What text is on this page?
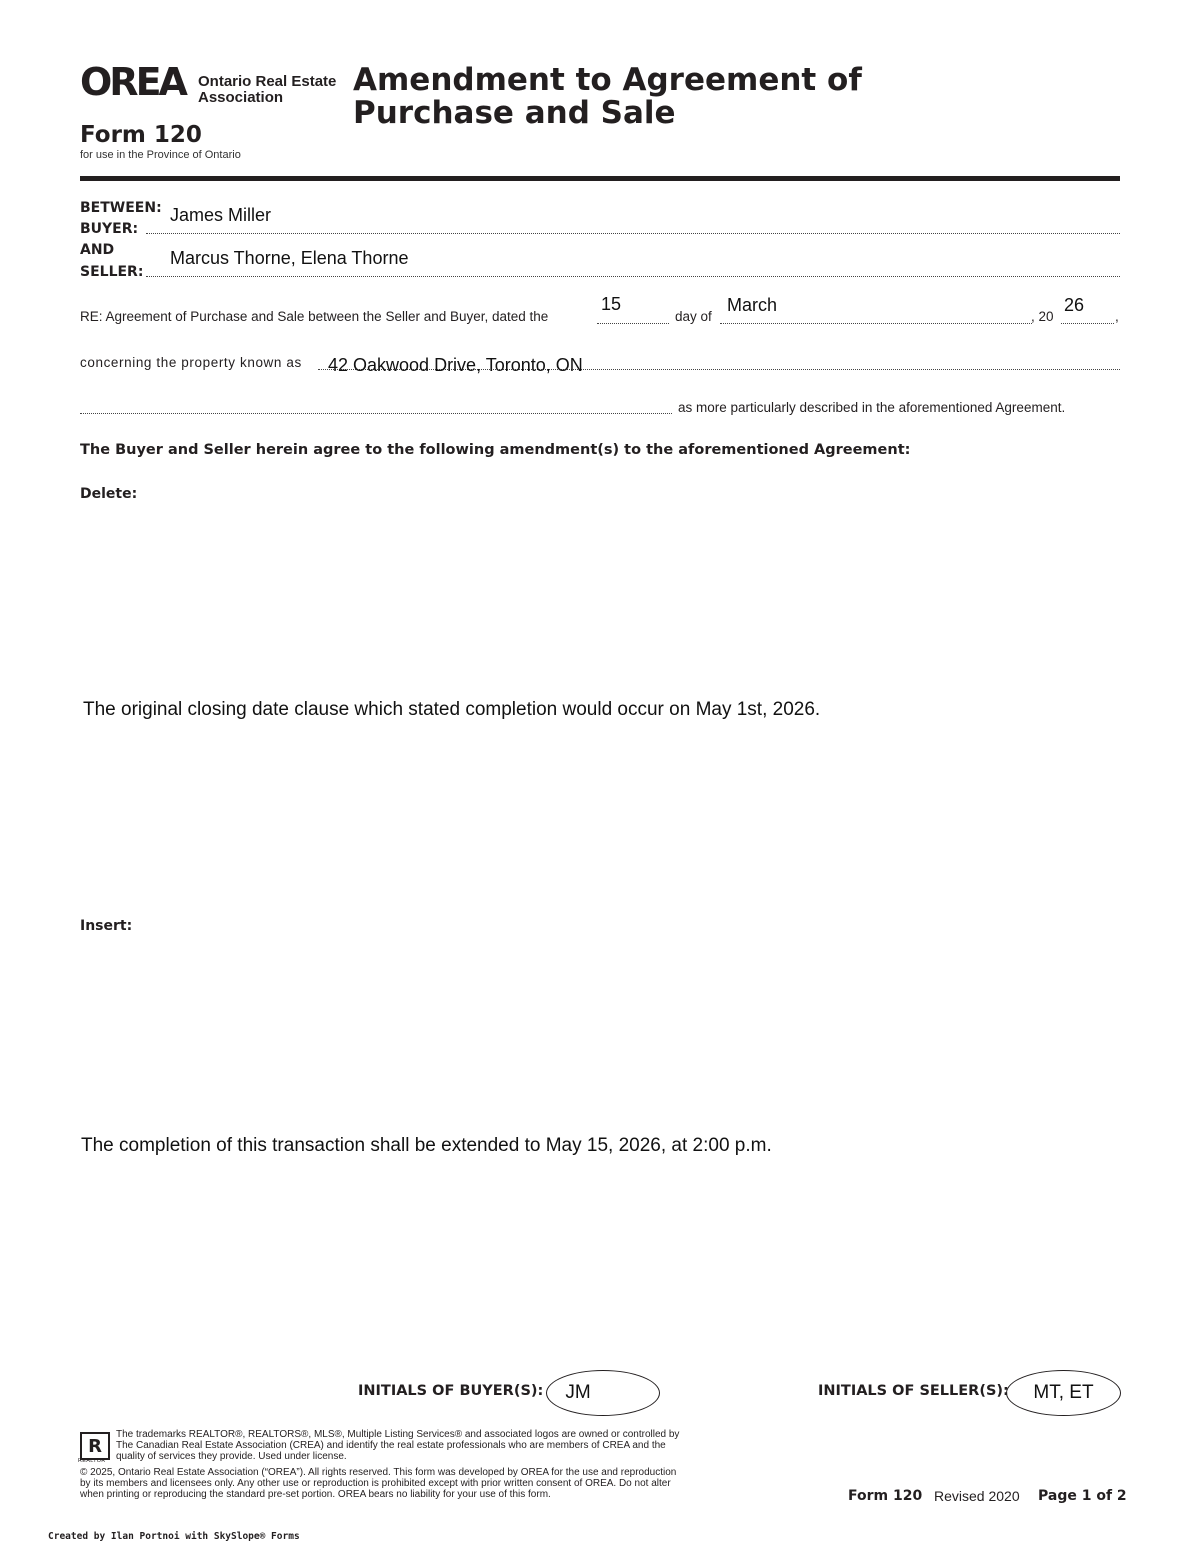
OREA Ontario Real Estate
Association
Form 120
for use in the Province of Ontario
Amendment to Agreement of
Purchase and Sale
BETWEEN:
BUYER:
James Miller
AND
SELLER:
Marcus Thorne, Elena Thorne
RE: Agreement of Purchase and Sale between the Seller and Buyer, dated the
15
day of
March
, 20
26
,
concerning the property known as 42 Oakwood Drive, Toronto, ON
as more particularly described in the aforementioned Agreement.
The Buyer and Seller herein agree to the following amendment(s) to the aforementioned Agreement:
Delete:
The original closing date clause which stated completion would occur on May 1st, 2026.
Insert:
The completion of this transaction shall be extended to May 15, 2026, at 2:00 p.m.
INITIALS OF BUYER(S): JM	INITIALS OF SELLER(S): MT, ET
R
REALTOR
The trademarks REALTOR®, REALTORS®, MLS®, Multiple Listing Services® and associated logos are owned or controlled by
The Canadian Real Estate Association (CREA) and identify the real estate professionals who are members of CREA and the
quality of services they provide. Used under license.
© 2025, Ontario Real Estate Association (“OREA”). All rights reserved. This form was developed by OREA for the use and reproduction
by its members and licensees only. Any other use or reproduction is prohibited except with prior written consent of OREA. Do not alter
when printing or reproducing the standard pre-set portion. OREA bears no liability for your use of this form.	Form 120 Revised 2020 Page 1 of 2
Created by Ilan Portnoi with SkySlope® Forms
